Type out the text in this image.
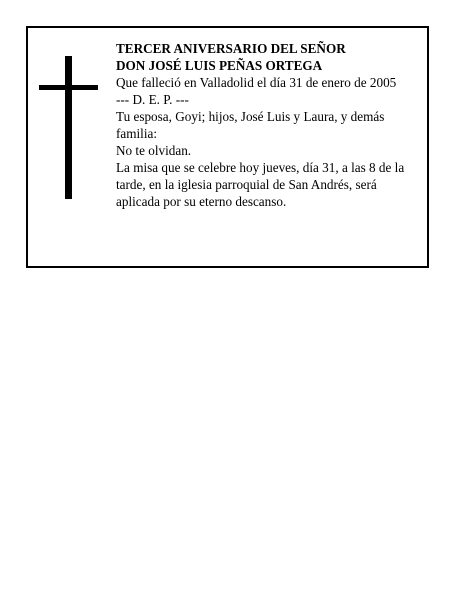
TERCER ANIVERSARIO DEL SEÑOR

DON JOSÉ LUIS PEÑAS ORTEGA

Que falleció en Valladolid el día 31 de enero de 2005

--- D. E. P. ---

Tu esposa, Goyi; hijos, José Luis y Laura, y demás familia:

No te olvidan.

La misa que se celebre hoy jueves, día 31, a las 8 de la tarde, en la iglesia parroquial de San Andrés, será aplicada por su eterno descanso.
